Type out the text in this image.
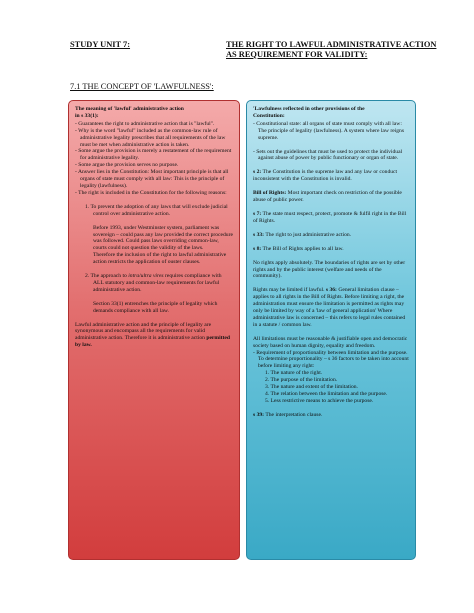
STUDY UNIT 7:	THE RIGHT TO LAWFUL ADMINISTRATIVE ACTION
AS REQUIREMENT FOR VALIDITY:
7.1 THE CONCEPT OF 'LAWFULNESS':
The meaning of 'lawful' administrative action
in s 33(1):
- Guarantees the right to administrative action that is "lawful".
- Why is the word "lawful" included as the common-law rule of administrative legality prescribes that all requirements of the law must be met when administrative action is taken.
- Some argue the provision is merely a restatement of the requirement for administrative legality.
- Some argue the provision serves no purpose.
- Answer lies in the Constitution: Most important principle is that all organs of state must comply with all law: This is the principle of legality (lawfulness).
- The right is included in the Constitution for the following reasons:
1. To prevent the adoption of any laws that will exclude judicial control over administrative action.
Before 1993, under Westminster system, parliament was sovereign – could pass any law provided the correct procedure was followed. Could pass laws overriding common-law, courts could not question the validity of the laws.
Therefore the inclusion of the right to lawful administrative action restricts the application of ouster clauses.
2. The approach to intra/ultra vires requires compliance with ALL statutory and common-law requirements for lawful administrative action.
Section 33(1) entrenches the principle of legality which demands compliance with all law.
Lawful administrative action and the principle of legality are synonymous and encompass all the requirements for valid administrative action. Therefore it is administrative action permitted by law.
'Lawfulness reflected in other provisions of the
Constitution:
- Constitutional state: all organs of state must comply with all law: The principle of legality (lawfulness). A system where law reigns supreme.
- Sets out the guidelines that must be used to protect the individual against abuse of power by public functionary or organ of state.
s 2: The Constitution is the supreme law and any law or conduct inconsistent with the Constitution is invalid.
Bill of Rights: Most important check on restriction of the possible abuse of public power.
s 7: The state must respect, protect, promote & fulfil right in the Bill of Rights.
s 33: The right to just administrative action.
s 8: The Bill of Rights applies to all law.
No rights apply absolutely. The boundaries of rights are set by other rights and by the public interest (welfare and needs of the community).
Rights may be limited if lawful. s 36: General limitation clause – applies to all rights in the Bill of Rights. Before limiting a right, the administration must ensure the limitation is permitted as rights may only be limited by way of a 'law of general application' Where administrative law is concerned – this refers to legal rules contained in a statute / common law.
All limitations must be reasonable & justifiable open and democratic society based on human dignity, equality and freedom.
- Requirement of proportionality between limitation and the purpose. To determine proportionality – s 36 factors to be taken into account before limiting any right:
1. The nature of the right.
2. The purpose of the limitation.
3. The nature and extent of the limitation.
4. The relation between the limitation and the purpose.
5. Less restrictive means to achieve the purpose.
s 39: The interpretation clause.
